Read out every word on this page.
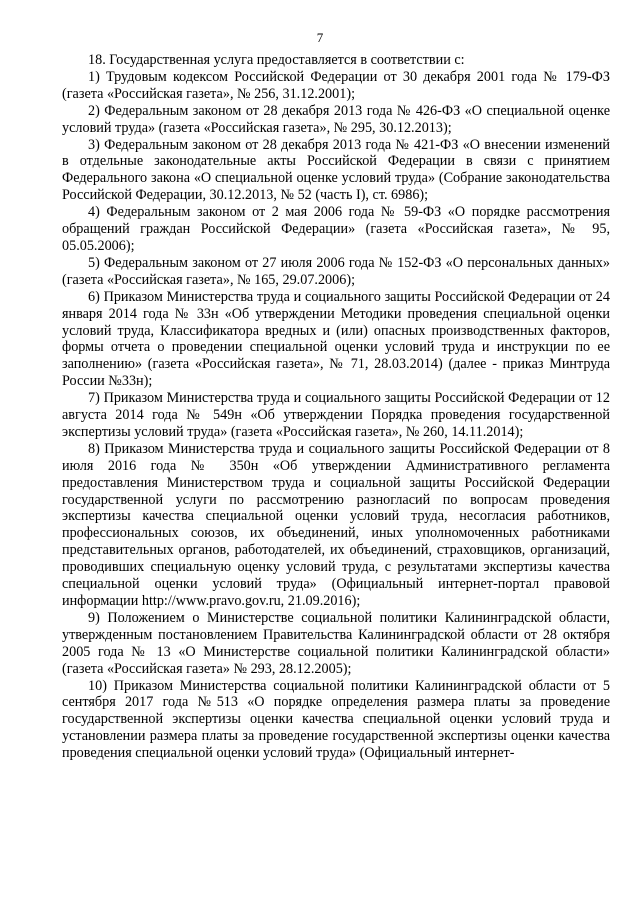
7

18. Государственная услуга предоставляется в соответствии с:

1) Трудовым кодексом Российской Федерации от 30 декабря 2001 года № 179-ФЗ (газета «Российская газета», № 256, 31.12.2001);

2) Федеральным законом от 28 декабря 2013 года № 426-ФЗ «О специальной оценке условий труда» (газета «Российская газета», № 295, 30.12.2013);

3) Федеральным законом от 28 декабря 2013 года № 421-ФЗ «О внесении изменений в отдельные законодательные акты Российской Федерации в связи с принятием Федерального закона «О специальной оценке условий труда» (Собрание законодательства Российской Федерации, 30.12.2013, № 52 (часть I), ст. 6986);

4) Федеральным законом от 2 мая 2006 года № 59-ФЗ «О порядке рассмотрения обращений граждан Российской Федерации» (газета «Российская газета», № 95, 05.05.2006);

5) Федеральным законом от 27 июля 2006 года № 152-ФЗ «О персональных данных» (газета «Российская газета», № 165, 29.07.2006);

6) Приказом Министерства труда и социального защиты Российской Федерации от 24 января 2014 года № 33н «Об утверждении Методики проведения специальной оценки условий труда, Классификатора вредных и (или) опасных производственных факторов, формы отчета о проведении специальной оценки условий труда и инструкции по ее заполнению» (газета «Российская газета», № 71, 28.03.2014) (далее - приказ Минтруда России №33н);

7) Приказом Министерства труда и социального защиты Российской Федерации от 12 августа 2014 года № 549н «Об утверждении Порядка проведения государственной экспертизы условий труда» (газета «Российская газета», № 260, 14.11.2014);

8) Приказом Министерства труда и социального защиты Российской Федерации от 8 июля 2016 года № 350н «Об утверждении Административного регламента предоставления Министерством труда и социальной защиты Российской Федерации государственной услуги по рассмотрению разногласий по вопросам проведения экспертизы качества специальной оценки условий труда, несогласия работников, профессиональных союзов, их объединений, иных уполномоченных работниками представительных органов, работодателей, их объединений, страховщиков, организаций, проводивших специальную оценку условий труда, с результатами экспертизы качества специальной оценки условий труда» (Официальный интернет-портал правовой информации http://www.pravo.gov.ru, 21.09.2016);

9) Положением о Министерстве социальной политики Калининградской области, утвержденным постановлением Правительства Калининградской области от 28 октября 2005 года № 13 «О Министерстве социальной политики Калининградской области» (газета «Российская газета» № 293, 28.12.2005);

10) Приказом Министерства социальной политики Калининградской области от 5 сентября 2017 года №513 «О порядке определения размера платы за проведение государственной экспертизы оценки качества специальной оценки условий труда и установлении размера платы за проведение государственной экспертизы оценки качества проведения специальной оценки условий труда» (Официальный интернет-
